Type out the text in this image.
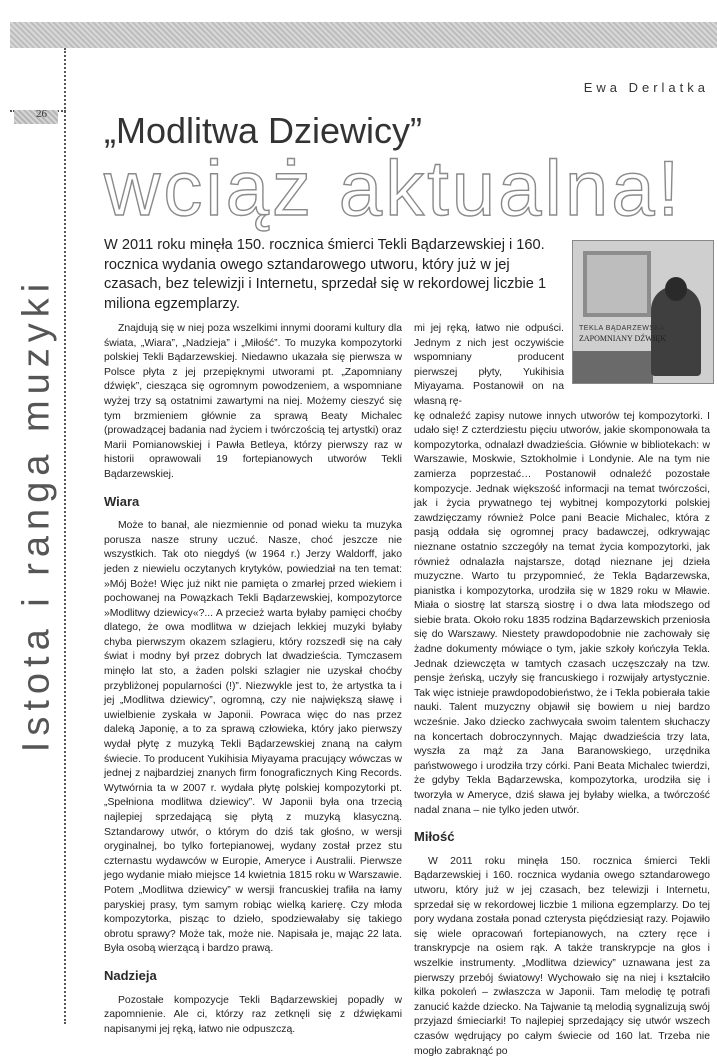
26
Ewa Derlatka
Istota i ranga muzyki
„Modlitwa Dziewicy”
wciąż aktualna!

W 2011 roku minęła 150. rocznica śmierci Tekli Bądarzewskiej i 160. rocznica wydania owego sztandarowego utworu, który już w jej czasach, bez telewizji i Internetu, sprzedał się w rekordowej liczbie 1 miliona egzemplarzy.

TEKLA BĄDARZEWSKA
ZAPOMNIANY DŹWIĘK

Znajdują się w niej poza wszelkimi innymi doorami kultury dla świata, „Wiara”, „Nadzieja” i „Miłość”. To muzyka kompozytorki polskiej Tekli Bądarzewskiej. Niedawno ukazała się pierwsza w Polsce płyta z jej przepięknymi utworami pt. „Zapomniany dźwięk”, ciesząca się ogromnym powodzeniem, a wspomniane wyżej trzy są ostatnimi zawartymi na niej. Możemy cieszyć się tym brzmieniem głównie za sprawą Beaty Michalec (prowadzącej badania nad życiem i twórczością tej artystki) oraz Marii Pomianowskiej i Pawła Betleya, którzy pierwszy raz w historii oprawowali 19 fortepianowych utworów Tekli Bądarzewskiej.

Wiara

Może to banał, ale niezmiennie od ponad wieku ta muzyka porusza nasze struny uczuć. Nasze, choć jeszcze nie wszystkich. Tak oto niegdyś (w 1964 r.) Jerzy Waldorff, jako jeden z niewielu oczytanych krytyków, powiedział na ten temat: »Mój Boże! Więc już nikt nie pamięta o zmarłej przed wiekiem i pochowanej na Powązkach Tekli Bądarzewskiej, kompozytorce »Modlitwy dziewicy«?... A przecież warta byłaby pamięci choćby dlatego, że owa modlitwa w dziejach lekkiej muzyki byłaby chyba pierwszym okazem szlagieru, który rozszedł się na cały świat i modny był przez dobrych lat dwadzieścia. Tymczasem minęło lat sto, a żaden polski szlagier nie uzyskał choćby przybliżonej popularności (!)”. Niezwykle jest to, że artystka ta i jej „Modlitwa dziewicy”, ogromną, czy nie największą sławę i uwielbienie zyskała w Japonii. Powraca więc do nas przez daleką Japonię, a to za sprawą człowieka, który jako pierwszy wydał płytę z muzyką Tekli Bądarzewskiej znaną na całym świecie. To producent Yukihisia Miyayama pracujący wówczas w jednej z najbardziej znanych firm fonograficznych King Records. Wytwórnia ta w 2007 r. wydała płytę polskiej kompozytorki pt. „Spełniona modlitwa dziewicy”. W Japonii była ona trzecią najlepiej sprzedającą się płytą z muzyką klasyczną. Sztandarowy utwór, o którym do dziś tak głośno, w wersji oryginalnej, bo tylko fortepianowej, wydany został przez stu czternastu wydawców w Europie, Ameryce i Australii. Pierwsze jego wydanie miało miejsce 14 kwietnia 1815 roku w Warszawie. Potem „Modlitwa dziewicy” w wersji francuskiej trafiła na łamy paryskiej prasy, tym samym robiąc wielką karierę. Czy młoda kompozytorka, pisząc to dzieło, spodziewałaby się takiego obrotu sprawy? Może tak, może nie. Napisała je, mając 22 lata. Była osobą wierzącą i bardzo prawą.

Nadzieja

Pozostałe kompozycje Tekli Bądarzewskiej popadły w zapomnienie. Ale ci, którzy raz zetknęli się z dźwiękami napisanymi jej ręką, łatwo nie odpuszczą.

mi jej ręką, łatwo nie odpuści. Jednym z nich jest oczywiście wspomniany producent pierwszej płyty, Yukihisia Miyayama. Postanowił on na własną rę-

kę odnaleźć zapisy nutowe innych utworów tej kompozytorki. I udało się! Z czterdziestu pięciu utworów, jakie skomponowała ta kompozytorka, odnalazł dwadzieścia. Głównie w bibliotekach: w Warszawie, Moskwie, Sztokholmie i Londynie. Ale na tym nie zamierza poprzestać… Postanowił odnaleźć pozostałe kompozycje. Jednak większość informacji na temat twórczości, jak i życia prywatnego tej wybitnej kompozytorki polskiej zawdzięczamy również Polce pani Beacie Michalec, która z pasją oddała się ogromnej pracy badawczej, odkrywając nieznane ostatnio szczegóły na temat życia kompozytorki, jak również odnalazła najstarsze, dotąd nieznane jej dzieła muzyczne. Warto tu przypomnieć, że Tekla Bądarzewska, pianistka i kompozytorka, urodziła się w 1829 roku w Mławie. Miała o siostrę lat starszą siostrę i o dwa lata młodszego od siebie brata. Około roku 1835 rodzina Bądarzewskich przeniosła się do Warszawy. Niestety prawdopodobnie nie zachowały się żadne dokumenty mówiące o tym, jakie szkoły kończyła Tekla. Jednak dziewczęta w tamtych czasach uczęszczały na tzw. pensje żeńską, uczyły się francuskiego i rozwijały artystycznie. Tak więc istnieje prawdopodobieństwo, że i Tekla pobierała takie nauki. Talent muzyczny objawił się bowiem u niej bardzo wcześnie. Jako dziecko zachwycała swoim talentem słuchaczy na koncertach dobroczynnych. Mając dwadzieścia trzy lata, wyszła za mąż za Jana Baranowskiego, urzędnika państwowego i urodziła trzy córki. Pani Beata Michalec twierdzi, że gdyby Tekla Bądarzewska, kompozytorka, urodziła się i tworzyła w Ameryce, dziś sława jej byłaby wielka, a twórczość nadal znana – nie tylko jeden utwór.

Miłość

W 2011 roku minęła 150. rocznica śmierci Tekli Bądarzewskiej i 160. rocznica wydania owego sztandarowego utworu, który już w jej czasach, bez telewizji i Internetu, sprzedał się w rekordowej liczbie 1 miliona egzemplarzy. Do tej pory wydana została ponad czterysta pięćdziesiąt razy. Pojawiło się wiele opracowań fortepianowych, na cztery ręce i transkrypcje na osiem rąk. A także transkrypcje na głos i wszelkie instrumenty. „Modlitwa dziewicy” uznawana jest za pierwszy przebój światowy! Wychowało się na niej i kształciło kilka pokoleń – zwłaszcza w Japonii. Tam melodię tę potrafi zanucić każde dziecko. Na Tajwanie tą melodią sygnalizują swój przyjazd śmieciarki! To najlepiej sprzedający się utwór wszech czasów wędrujący po całym świecie od 160 lat. Trzeba nie mogło zabraknąć po
